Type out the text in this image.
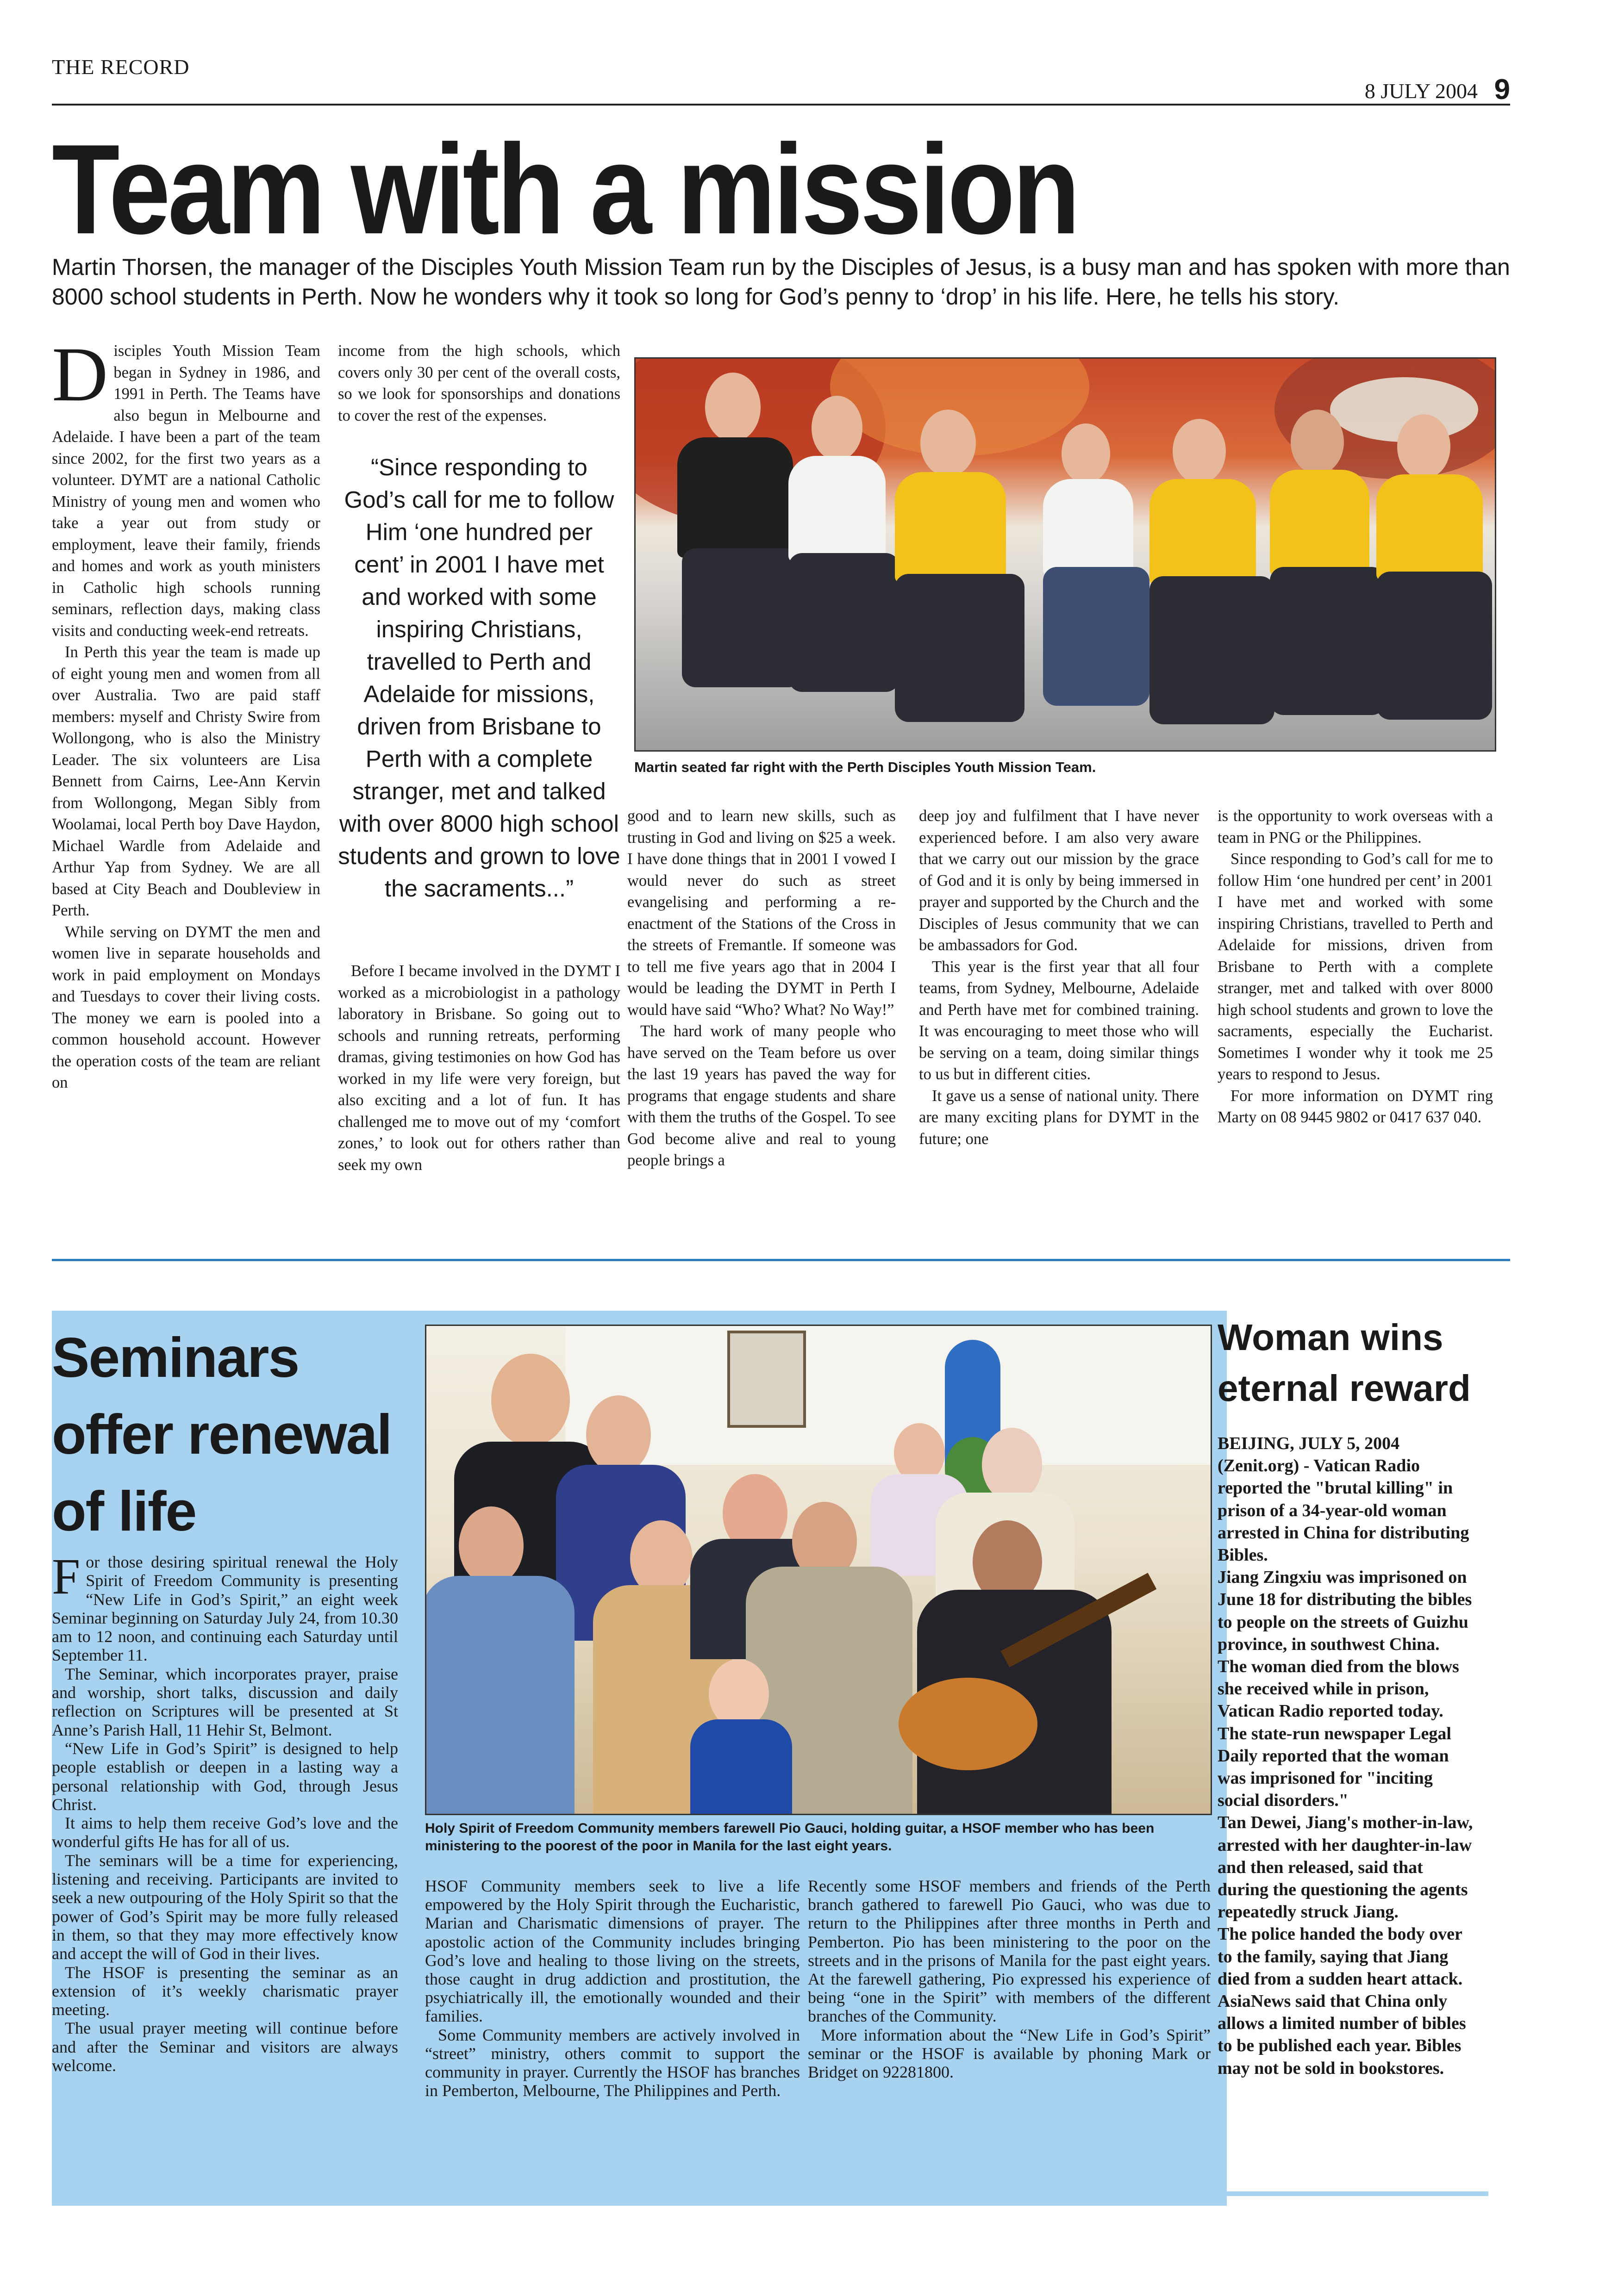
THE RECORD
8 JULY 2004 9
Team with a mission
Martin Thorsen, the manager of the Disciples Youth Mission Team run by the Disciples of Jesus, is a busy man and has spoken with more than 8000 school students in Perth. Now he wonders why it took so long for God’s penny to ‘drop’ in his life. Here, he tells his story.

Disciples Youth Mission Team began in Sydney in 1986, and 1991 in Perth. The Teams have also begun in Melbourne and Adelaide. I have been a part of the team since 2002, for the first two years as a volunteer. DYMT are a national Catholic Ministry of young men and women who take a year out from study or employment, leave their family, friends and homes and work as youth ministers in Catholic high schools running seminars, reflection days, making class visits and conducting week-end retreats.

In Perth this year the team is made up of eight young men and women from all over Australia. Two are paid staff members: myself and Christy Swire from Wollongong, who is also the Ministry Leader. The six volunteers are Lisa Bennett from Cairns, Lee-Ann Kervin from Wollongong, Megan Sibly from Woolamai, local Perth boy Dave Haydon, Michael Wardle from Adelaide and Arthur Yap from Sydney. We are all based at City Beach and Doubleview in Perth.

While serving on DYMT the men and women live in separate households and work in paid employment on Mondays and Tuesdays to cover their living costs. The money we earn is pooled into a common household account. However the operation costs of the team are reliant on

income from the high schools, which covers only 30 per cent of the overall costs, so we look for sponsorships and donations to cover the rest of the expenses.

“Since responding to God’s call for me to follow Him ‘one hundred per cent’ in 2001 I have met and worked with some inspiring Christians, travelled to Perth and Adelaide for missions, driven from Brisbane to Perth with a complete stranger, met and talked with over 8000 high school students and grown to love the sacraments...”

Before I became involved in the DYMT I worked as a microbiologist in a pathology laboratory in Brisbane. So going out to schools and running retreats, performing dramas, giving testimonies on how God has worked in my life were very foreign, but also exciting and a lot of fun. It has challenged me to move out of my ‘comfort zones,’ to look out for others rather than seek my own

Martin seated far right with the Perth Disciples Youth Mission Team.

good and to learn new skills, such as trusting in God and living on $25 a week. I have done things that in 2001 I vowed I would never do such as street evangelising and performing a re-enactment of the Stations of the Cross in the streets of Fremantle. If someone was to tell me five years ago that in 2004 I would be leading the DYMT in Perth I would have said “Who? What? No Way!”

The hard work of many people who have served on the Team before us over the last 19 years has paved the way for programs that engage students and share with them the truths of the Gospel. To see God become alive and real to young people brings a

deep joy and fulfilment that I have never experienced before. I am also very aware that we carry out our mission by the grace of God and it is only by being immersed in prayer and supported by the Church and the Disciples of Jesus community that we can be ambassadors for God.

This year is the first year that all four teams, from Sydney, Melbourne, Adelaide and Perth have met for combined training. It was encouraging to meet those who will be serving on a team, doing similar things to us but in different cities.

It gave us a sense of national unity. There are many exciting plans for DYMT in the future; one

is the opportunity to work overseas with a team in PNG or the Philippines.

Since responding to God’s call for me to follow Him ‘one hundred per cent’ in 2001 I have met and worked with some inspiring Christians, travelled to Perth and Adelaide for missions, driven from Brisbane to Perth with a complete stranger, met and talked with over 8000 high school students and grown to love the sacraments, especially the Eucharist. Sometimes I wonder why it took me 25 years to respond to Jesus.

For more information on DYMT ring Marty on 08 9445 9802 or 0417 637 040.

Seminars offer renewal of life

For those desiring spiritual renewal the Holy Spirit of Freedom Community is presenting “New Life in God’s Spirit,” an eight week Seminar beginning on Saturday July 24, from 10.30 am to 12 noon, and continuing each Saturday until September 11.

The Seminar, which incorporates prayer, praise and worship, short talks, discussion and daily reflection on Scriptures will be presented at St Anne’s Parish Hall, 11 Hehir St, Belmont.

“New Life in God’s Spirit” is designed to help people establish or deepen in a lasting way a personal relationship with God, through Jesus Christ.

It aims to help them receive God’s love and the wonderful gifts He has for all of us.

The seminars will be a time for experiencing, listening and receiving. Participants are invited to seek a new outpouring of the Holy Spirit so that the power of God’s Spirit may be more fully released in them, so that they may more effectively know and accept the will of God in their lives.

The HSOF is presenting the seminar as an extension of it’s weekly charismatic prayer meeting.

The usual prayer meeting will continue before and after the Seminar and visitors are always welcome.

Holy Spirit of Freedom Community members farewell Pio Gauci, holding guitar, a HSOF member who has been ministering to the poorest of the poor in Manila for the last eight years.

HSOF Community members seek to live a life empowered by the Holy Spirit through the Eucharistic, Marian and Charismatic dimensions of prayer. The apostolic action of the Community includes bringing God’s love and healing to those living on the streets, those caught in drug addiction and prostitution, the psychiatrically ill, the emotionally wounded and their families.

Some Community members are actively involved in “street” ministry, others commit to support the community in prayer. Currently the HSOF has branches in Pemberton, Melbourne, The Philippines and Perth.

Recently some HSOF members and friends of the Perth branch gathered to farewell Pio Gauci, who was due to return to the Philippines after three months in Perth and Pemberton. Pio has been ministering to the poor on the streets and in the prisons of Manila for the past eight years. At the farewell gathering, Pio expressed his experience of being “one in the Spirit” with members of the different branches of the Community.

More information about the “New Life in God’s Spirit” seminar or the HSOF is available by phoning Mark or Bridget on 92281800.

Woman wins eternal reward

BEIJING, JULY 5, 2004 (Zenit.org) - Vatican Radio reported the "brutal killing" in prison of a 34-year-old woman arrested in China for distributing Bibles.

Jiang Zingxiu was imprisoned on June 18 for distributing the bibles to people on the streets of Guizhu province, in southwest China.

The woman died from the blows she received while in prison, Vatican Radio reported today.

The state-run newspaper Legal Daily reported that the woman was imprisoned for "inciting social disorders."

Tan Dewei, Jiang's mother-in-law, arrested with her daughter-in-law and then released, said that during the questioning the agents repeatedly struck Jiang.

The police handed the body over to the family, saying that Jiang died from a sudden heart attack.

AsiaNews said that China only allows a limited number of bibles to be published each year. Bibles may not be sold in bookstores.
